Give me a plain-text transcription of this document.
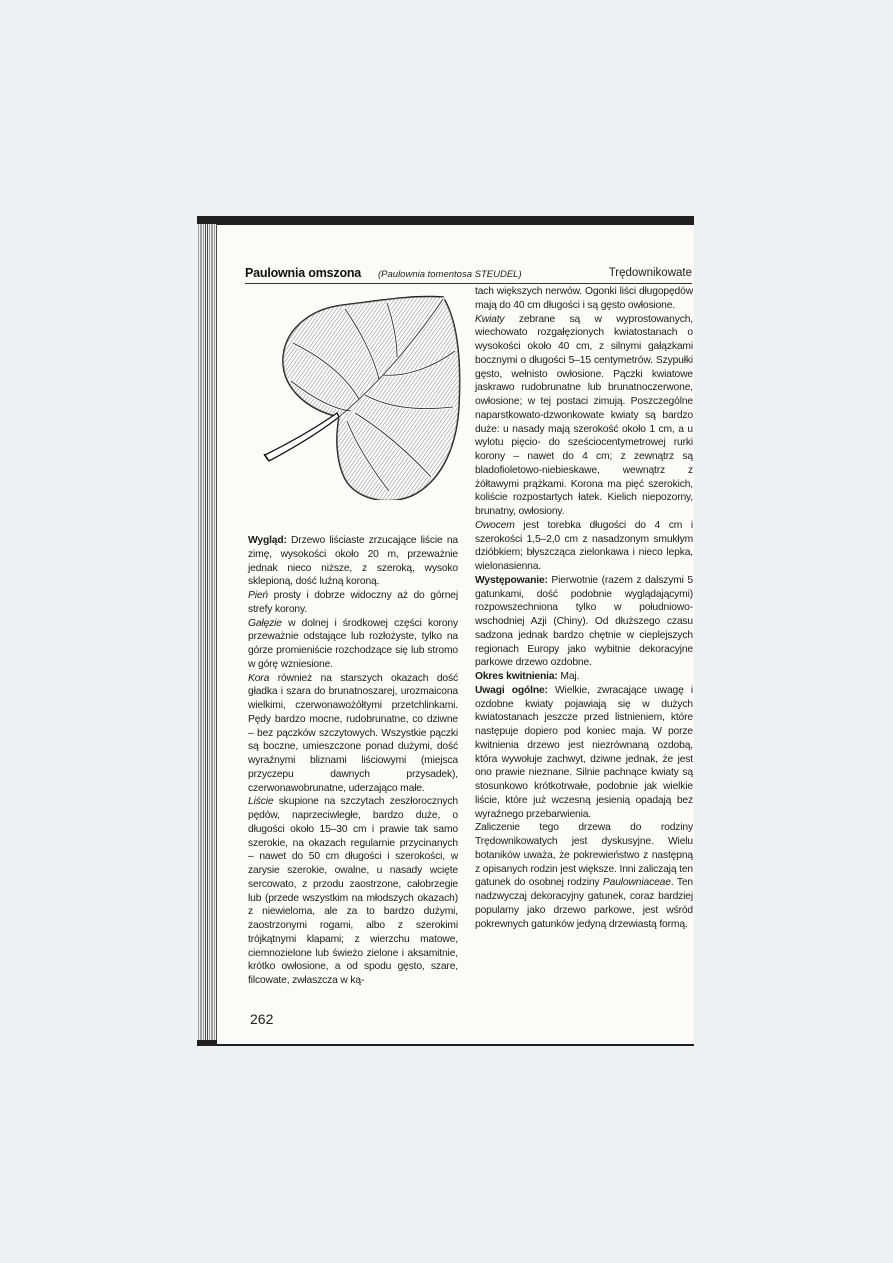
Paulownia omszona (Paulownia tomentosa STEUDEL)	Trędownikowate

Wygląd: Drzewo liściaste zrzucające liście na zimę, wysokości około 20 m, przeważnie jednak nieco niższe, z szeroką, wysoko sklepioną, dość luźną koroną.

Pień prosty i dobrze widoczny aż do górnej strefy korony.

Gałęzie w dolnej i środkowej części korony przeważnie odstające lub rozłożyste, tylko na górze promieniście rozchodzące się lub stromo w górę wzniesione.

Kora również na starszych okazach dość gładka i szara do brunatnoszarej, urozmaicona wielkimi, czerwonawożółtymi przetchlinkami. Pędy bardzo mocne, rudobrunatne, co dziwne – bez pączków szczytowych. Wszystkie pączki są boczne, umieszczone ponad dużymi, dość wyraźnymi bliznami liściowymi (miejsca przyczepu dawnych przysadek), czerwonawobrunatne, uderzająco małe.

Liście skupione na szczytach zeszłorocznych pędów, naprzeciwległe, bardzo duże, o długości około 15–30 cm i prawie tak samo szerokie, na okazach regularnie przycinanych – nawet do 50 cm długości i szerokości, w zarysie szerokie, owalne, u nasady wcięte sercowato, z przodu zaostrzone, całobrzegie lub (przede wszystkim na młodszych okazach) z niewieloma, ale za to bardzo dużymi, zaostrzonymi rogami, albo z szerokimi trójkątnymi klapami; z wierzchu matowe, ciemnozielone lub świeżo zielone i aksamitnie, krótko owłosione, a od spodu gęsto, szare, filcowate, zwłaszcza w ką-

tach większych nerwów. Ogonki liści długopędów mają do 40 cm długości i są gęsto owłosione.

Kwiaty zebrane są w wyprostowanych, wiechowato rozgałęzionych kwiatostanach o wysokości około 40 cm, z silnymi gałązkami bocznymi o długości 5–15 centymetrów. Szypułki gęsto, wełnisto owłosione. Pączki kwiatowe jaskrawo rudobrunatne lub brunatnoczerwone, owłosione; w tej postaci zimują. Poszczególne naparstkowato-dzwonkowate kwiaty są bardzo duże: u nasady mają szerokość około 1 cm, a u wylotu pięcio- do sześciocentymetrowej rurki korony – nawet do 4 cm; z zewnątrz są bladofioletowo-niebieskawe, wewnątrz z żółtawymi prążkami. Korona ma pięć szerokich, koliście rozpostartych łatek. Kielich niepozorny, brunatny, owłosiony.

Owocem jest torebka długości do 4 cm i szerokości 1,5–2,0 cm z nasadzonym smukłym dzióbkiem; błyszcząca zielonkawa i nieco lepka, wielonasienna.

Występowanie: Pierwotnie (razem z dalszymi 5 gatunkami, dość podobnie wyglądającymi) rozpowszechniona tylko w południowo-wschodniej Azji (Chiny). Od dłuższego czasu sadzona jednak bardzo chętnie w cieplejszych regionach Europy jako wybitnie dekoracyjne parkowe drzewo ozdobne.

Okres kwitnienia: Maj.

Uwagi ogólne: Wielkie, zwracające uwagę i ozdobne kwiaty pojawiają się w dużych kwiatostanach jeszcze przed listnieniem, które następuje dopiero pod koniec maja. W porze kwitnienia drzewo jest niezrównaną ozdobą, która wywołuje zachwyt, dziwne jednak, że jest ono prawie nieznane. Silnie pachnące kwiaty są stosunkowo krótkotrwałe, podobnie jak wielkie liście, które już wczesną jesienią opadają bez wyraźnego przebarwienia.

Zaliczenie tego drzewa do rodziny Trędownikowatych jest dyskusyjne. Wielu botaników uważa, że pokrewieństwo z następną z opisanych rodzin jest większe. Inni zaliczają ten gatunek do osobnej rodziny Paulowniaceae. Ten nadzwyczaj dekoracyjny gatunek, coraz bardziej popularny jako drzewo parkowe, jest wśród pokrewnych gatunków jedyną drzewiastą formą.

262
